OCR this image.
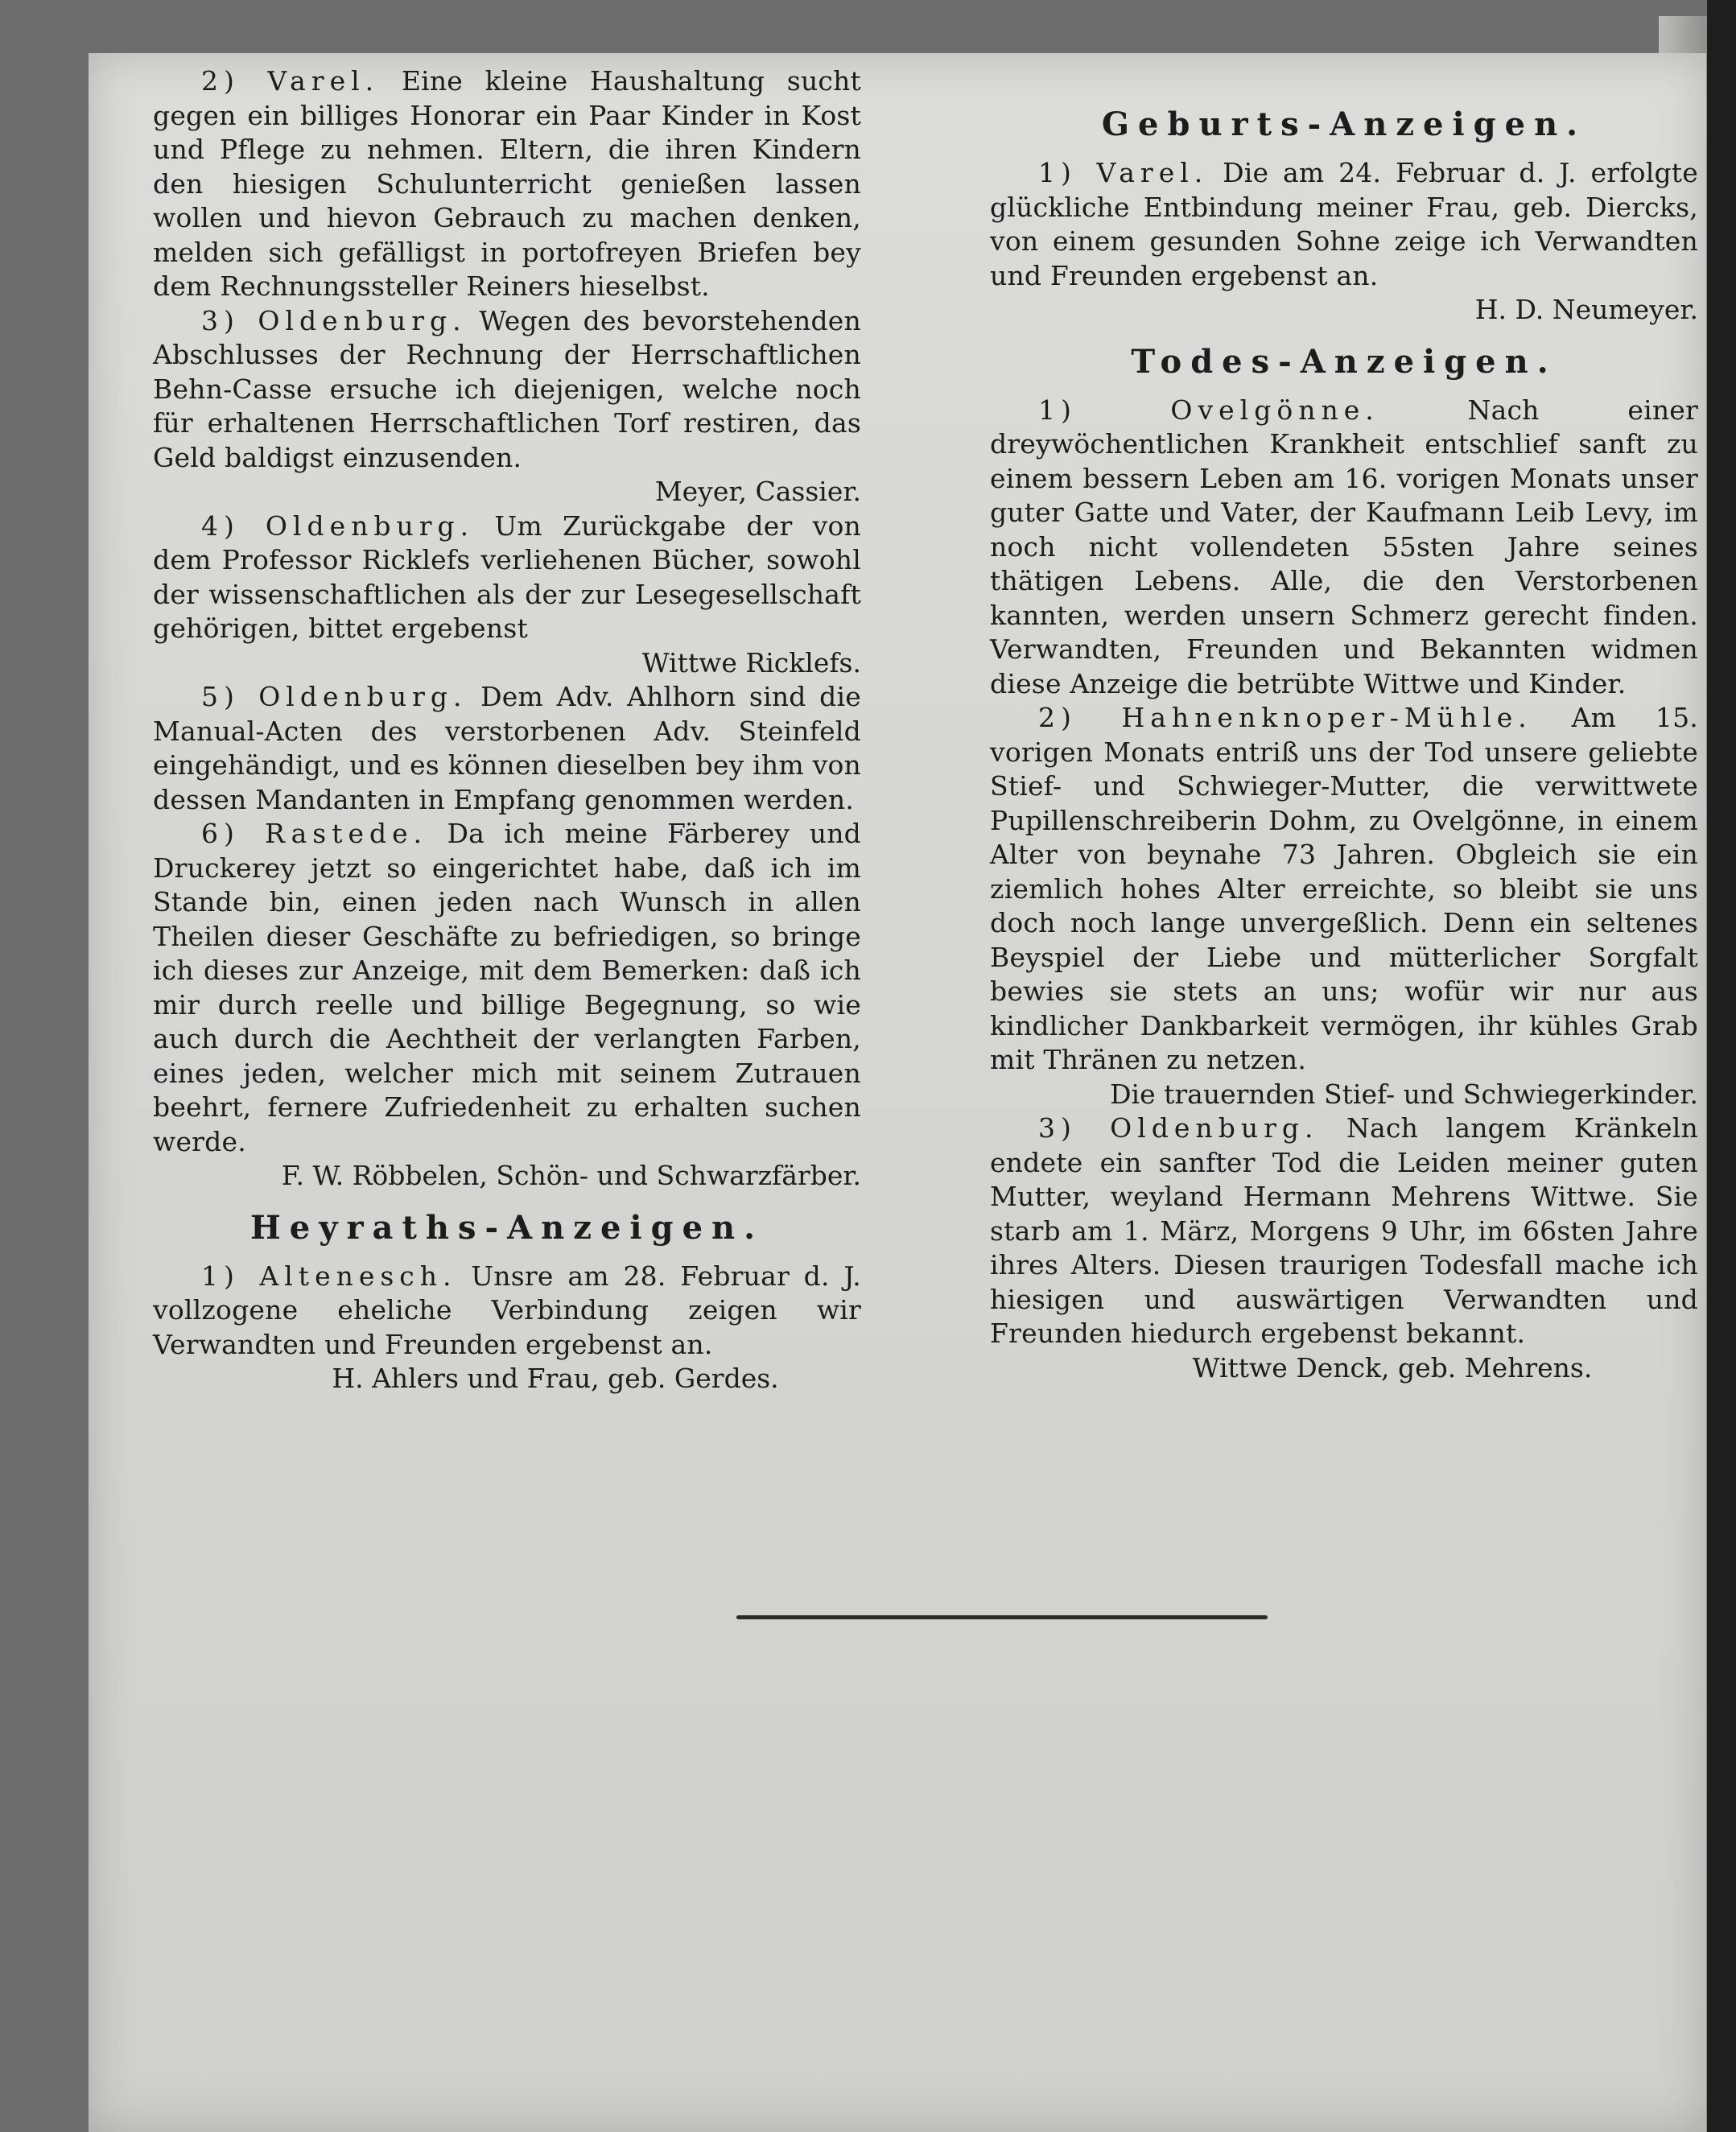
2) Varel. Eine kleine Haushaltung sucht gegen ein billiges Honorar ein Paar Kinder in Kost und Pflege zu nehmen. Eltern, die ihren Kindern den hiesigen Schulunterricht genießen lassen wollen und hievon Gebrauch zu machen denken, melden sich gefälligst in portofreyen Briefen bey dem Rechnungssteller Reiners hieselbst.

3) Oldenburg. Wegen des bevorstehenden Abschlusses der Rechnung der Herrschaftlichen Behn-Casse ersuche ich diejenigen, welche noch für erhaltenen Herrschaftlichen Torf restiren, das Geld baldigst einzusenden.

Meyer, Cassier.

4) Oldenburg. Um Zurückgabe der von dem Professor Ricklefs verliehenen Bücher, sowohl der wissenschaftlichen als der zur Lesegesellschaft gehörigen, bittet ergebenst

Wittwe Ricklefs.

5) Oldenburg. Dem Adv. Ahlhorn sind die Manual-Acten des verstorbenen Adv. Steinfeld eingehändigt, und es können dieselben bey ihm von dessen Mandanten in Empfang genommen werden.

6) Rastede. Da ich meine Färberey und Druckerey jetzt so eingerichtet habe, daß ich im Stande bin, einen jeden nach Wunsch in allen Theilen dieser Geschäfte zu befriedigen, so bringe ich dieses zur Anzeige, mit dem Bemerken: daß ich mir durch reelle und billige Begegnung, so wie auch durch die Aechtheit der verlangten Farben, eines jeden, welcher mich mit seinem Zutrauen beehrt, fernere Zufriedenheit zu erhalten suchen werde.

F. W. Röbbelen, Schön- und Schwarzfärber.

Heyraths-Anzeigen.

1) Altenesch. Unsre am 28. Februar d. J. vollzogene eheliche Verbindung zeigen wir Verwandten und Freunden ergebenst an.

H. Ahlers und Frau, geb. Gerdes.

Geburts-Anzeigen.

1) Varel. Die am 24. Februar d. J. erfolgte glückliche Entbindung meiner Frau, geb. Diercks, von einem gesunden Sohne zeige ich Verwandten und Freunden ergebenst an.

H. D. Neumeyer.

Todes-Anzeigen.

1) Ovelgönne.	Nach einer dreywöchentlichen Krankheit entschlief sanft zu einem bessern Leben am 16. vorigen Monats unser guter Gatte und Vater, der Kaufmann Leib Levy, im noch nicht vollendeten 55sten Jahre seines thätigen Lebens. Alle, die den Verstorbenen kannten, werden unsern Schmerz gerecht finden. Verwandten, Freunden und Bekannten widmen diese Anzeige die betrübte Wittwe und Kinder.

2) Hahnenknoper-Mühle. Am 15. vorigen Monats entriß uns der Tod unsere geliebte Stief- und Schwieger-Mutter, die verwittwete Pupillenschreiberin Dohm, zu Ovelgönne, in einem Alter von beynahe 73 Jahren. Obgleich sie ein ziemlich hohes Alter erreichte, so bleibt sie uns doch noch lange unvergeßlich. Denn ein seltenes Beyspiel der Liebe und mütterlicher Sorgfalt bewies sie stets an uns; wofür wir nur aus kindlicher Dankbarkeit vermögen, ihr kühles Grab mit Thränen zu netzen.

Die trauernden Stief- und Schwiegerkinder.

3) Oldenburg. Nach langem Kränkeln endete ein sanfter Tod die Leiden meiner guten Mutter, weyland Hermann Mehrens Wittwe. Sie starb am 1. März, Morgens 9 Uhr, im 66sten Jahre ihres Alters. Diesen traurigen Todesfall mache ich hiesigen und auswärtigen Verwandten und Freunden hiedurch ergebenst bekannt.

Wittwe Denck, geb. Mehrens.
